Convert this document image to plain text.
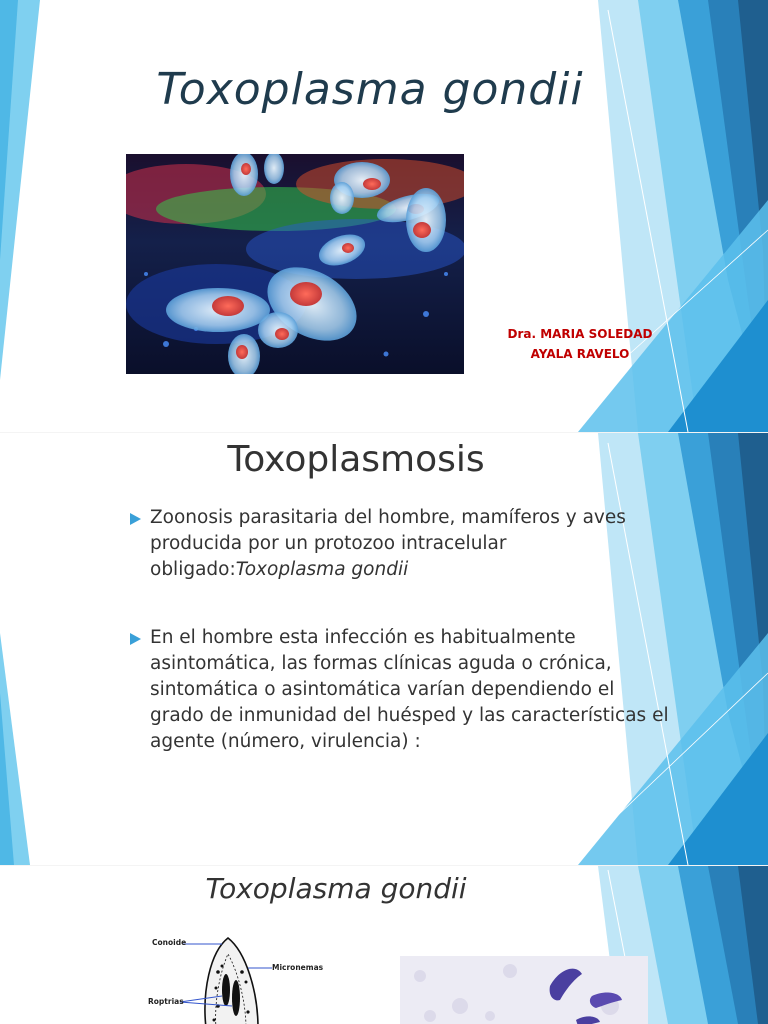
Toxoplasma gondii
Dra. MARIA SOLEDAD
AYALA RAVELO
Toxoplasmosis
Zoonosis parasitaria del hombre, mamíferos y aves producida por un protozoo intracelular obligado:Toxoplasma gondii
En el hombre esta infección es habitualmente asintomática, las formas clínicas aguda o crónica, sintomática o asintomática varían dependiendo el grado de inmunidad del huésped y las características el agente (número, virulencia) :
Toxoplasma gondii
Conoide
Micronemas
Roptrias
